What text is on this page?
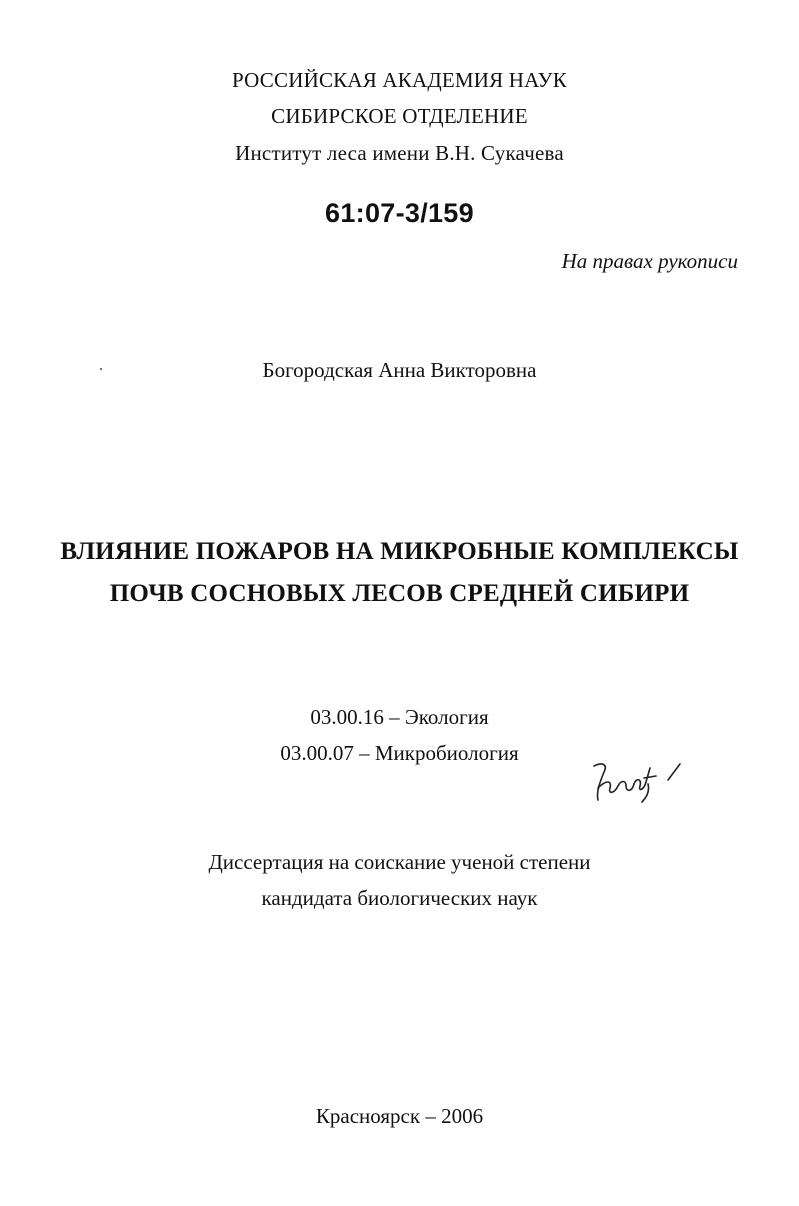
РОССИЙСКАЯ АКАДЕМИЯ НАУК
СИБИРСКОЕ ОТДЕЛЕНИЕ
Институт леса имени В.Н. Сукачева
61:07-3/159
На правах рукописи
Богородская Анна Викторовна
ВЛИЯНИЕ ПОЖАРОВ НА МИКРОБНЫЕ КОМПЛЕКСЫ
ПОЧВ СОСНОВЫХ ЛЕСОВ СРЕДНЕЙ СИБИРИ
03.00.16 – Экология
03.00.07 – Микробиология
Диссертация на соискание ученой степени
кандидата биологических наук
Красноярск – 2006
